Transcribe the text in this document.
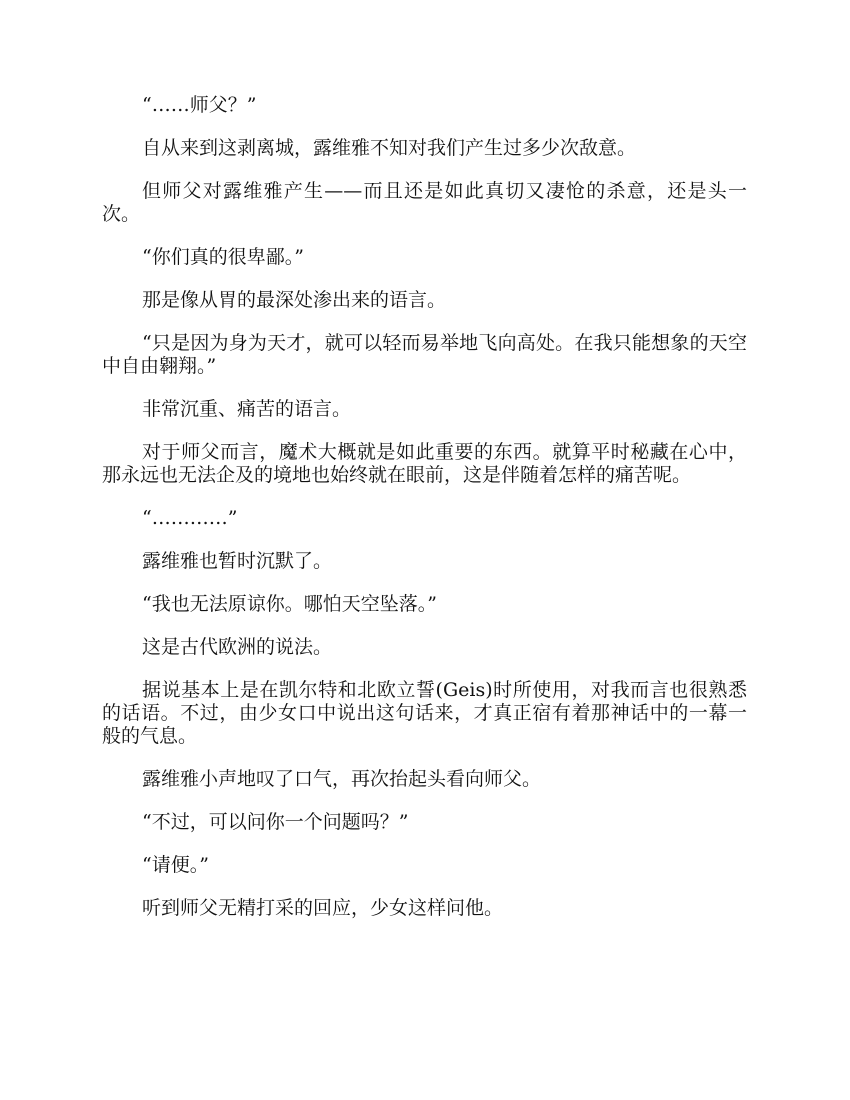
“……师父？”

自从来到这剥离城，露维雅不知对我们产生过多少次敌意。

但师父对露维雅产生——而且还是如此真切又凄怆的杀意，还是头一次。

“你们真的很卑鄙。”

那是像从胃的最深处渗出来的语言。

“只是因为身为天才，就可以轻而易举地飞向高处。在我只能想象的天空中自由翱翔。”

非常沉重、痛苦的语言。

对于师父而言，魔术大概就是如此重要的东西。就算平时秘藏在心中，那永远也无法企及的境地也始终就在眼前，这是伴随着怎样的痛苦呢。

“…………”

露维雅也暂时沉默了。

“我也无法原谅你。哪怕天空坠落。”

这是古代欧洲的说法。

据说基本上是在凯尔特和北欧立誓(Geis)时所使用，对我而言也很熟悉的话语。不过，由少女口中说出这句话来，才真正宿有着那神话中的一幕一般的气息。

露维雅小声地叹了口气，再次抬起头看向师父。

“不过，可以问你一个问题吗？”

“请便。”

听到师父无精打采的回应，少女这样问他。
